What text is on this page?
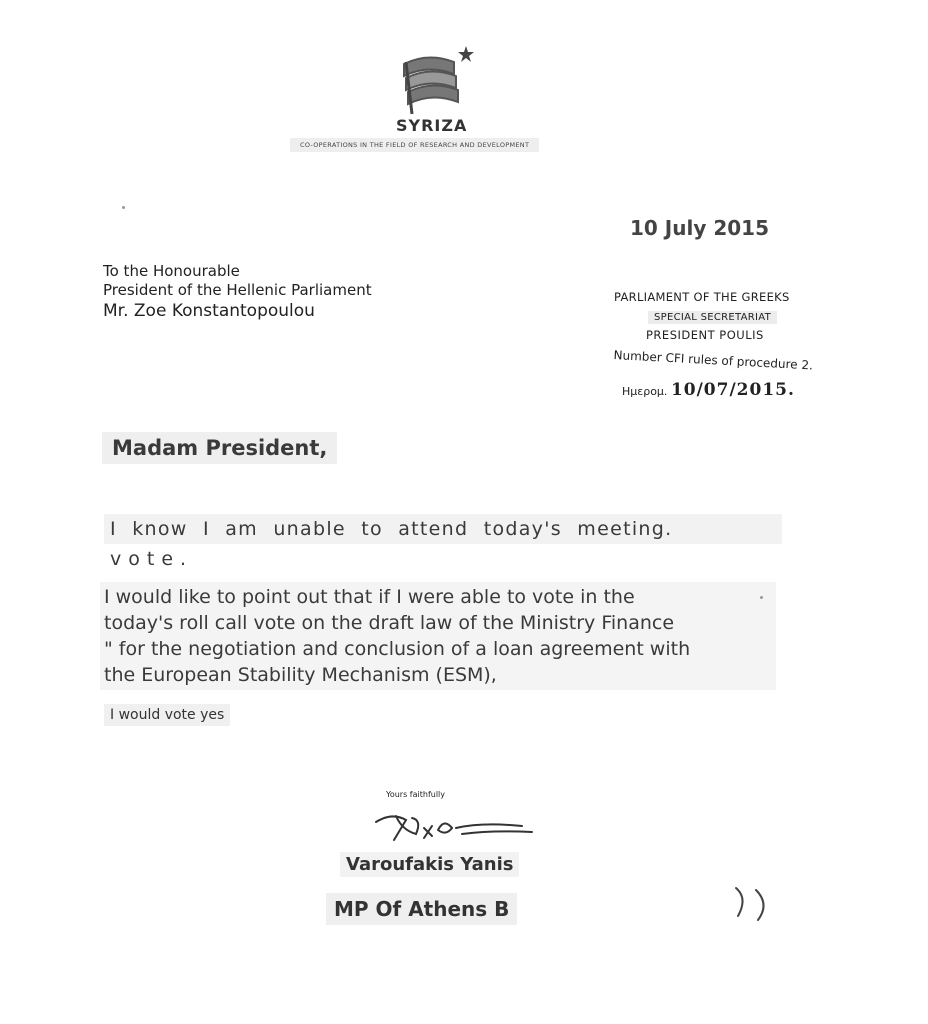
SYRIZA
CO-OPERATIONS IN THE FIELD OF RESEARCH AND DEVELOPMENT
10 July 2015
To the Honourable
President of the Hellenic Parliament
Mr. Zoe Konstantopoulou
PARLIAMENT OF THE GREEKS
SPECIAL SECRETARIAT
PRESIDENT POULIS
Number CFI rules of procedure 2.
Ημερομ. 10/07/2015.
Madam President,
I know I am unable to attend today's meeting.
vote.
I would like to point out that if I were able to vote in the
today's roll call vote on the draft law of the Ministry Finance
" for the negotiation and conclusion of a loan agreement with
the European Stability Mechanism (ESM),
I would vote yes
Yours faithfully
Varoufakis Yanis
MP Of Athens B
